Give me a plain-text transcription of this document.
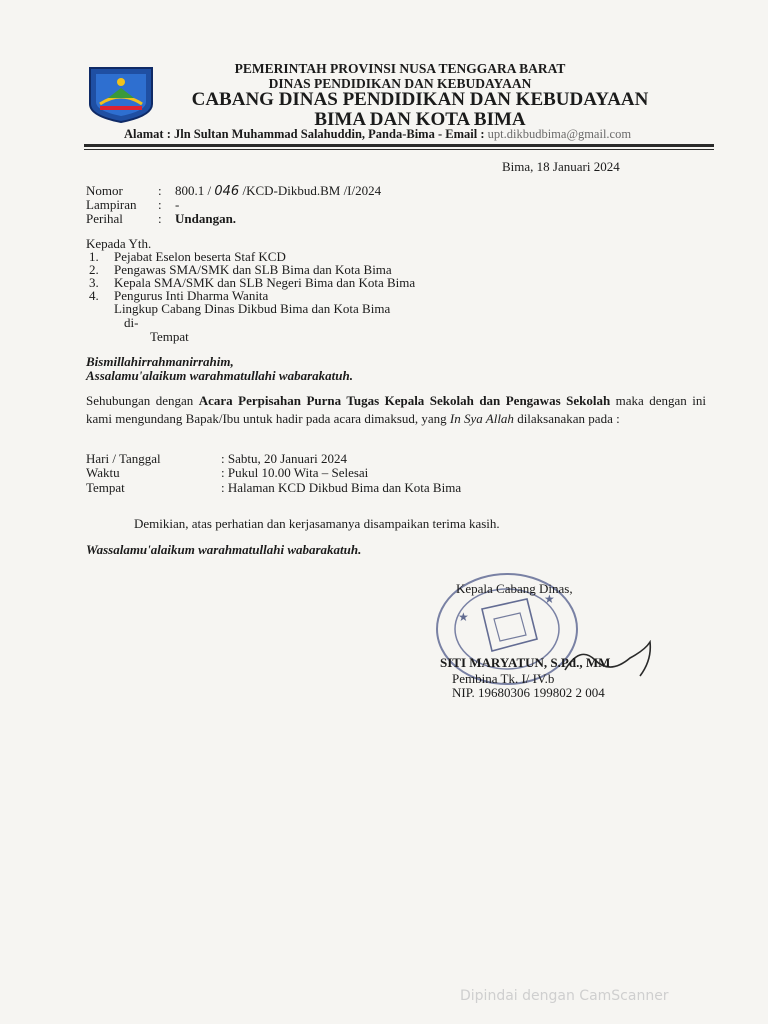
PEMERINTAH PROVINSI NUSA TENGGARA BARAT
DINAS PENDIDIKAN DAN KEBUDAYAAN
CABANG DINAS PENDIDIKAN DAN KEBUDAYAAN
BIMA DAN KOTA BIMA
Alamat : Jln Sultan Muhammad Salahuddin, Panda-Bima - Email : upt.dikbudbima@gmail.com
Bima, 18 Januari 2024
Nomor	: 800.1 / 046 /KCD-Dikbud.BM /I/2024
Lampiran : -
Perihal	: Undangan.
Kepada Yth.
1. Pejabat Eselon beserta Staf KCD
2. Pengawas SMA/SMK dan SLB Bima dan Kota Bima
3. Kepala SMA/SMK dan SLB Negeri Bima dan Kota Bima
4. Pengurus Inti Dharma Wanita
Lingkup Cabang Dinas Dikbud Bima dan Kota Bima
di-
Tempat
Bismillahirrahmanirrahim,
Assalamu'alaikum warahmatullahi wabarakatuh.
Sehubungan dengan Acara Perpisahan Purna Tugas Kepala Sekolah dan Pengawas Sekolah maka dengan ini kami mengundang Bapak/Ibu untuk hadir pada acara dimaksud, yang In Sya Allah dilaksanakan pada :
Hari / Tanggal	: Sabtu, 20 Januari 2024
Waktu	: Pukul 10.00 Wita – Selesai
Tempat	: Halaman KCD Dikbud Bima dan Kota Bima
Demikian, atas perhatian dan kerjasamanya disampaikan terima kasih.
Wassalamu'alaikum warahmatullahi wabarakatuh.
★
★
Kepala Cabang Dinas,
SITI MARYATUN, S.Pd., MM
Pembina Tk. I/ IV.b
NIP. 19680306 199802 2 004
Dipindai dengan CamScanner
